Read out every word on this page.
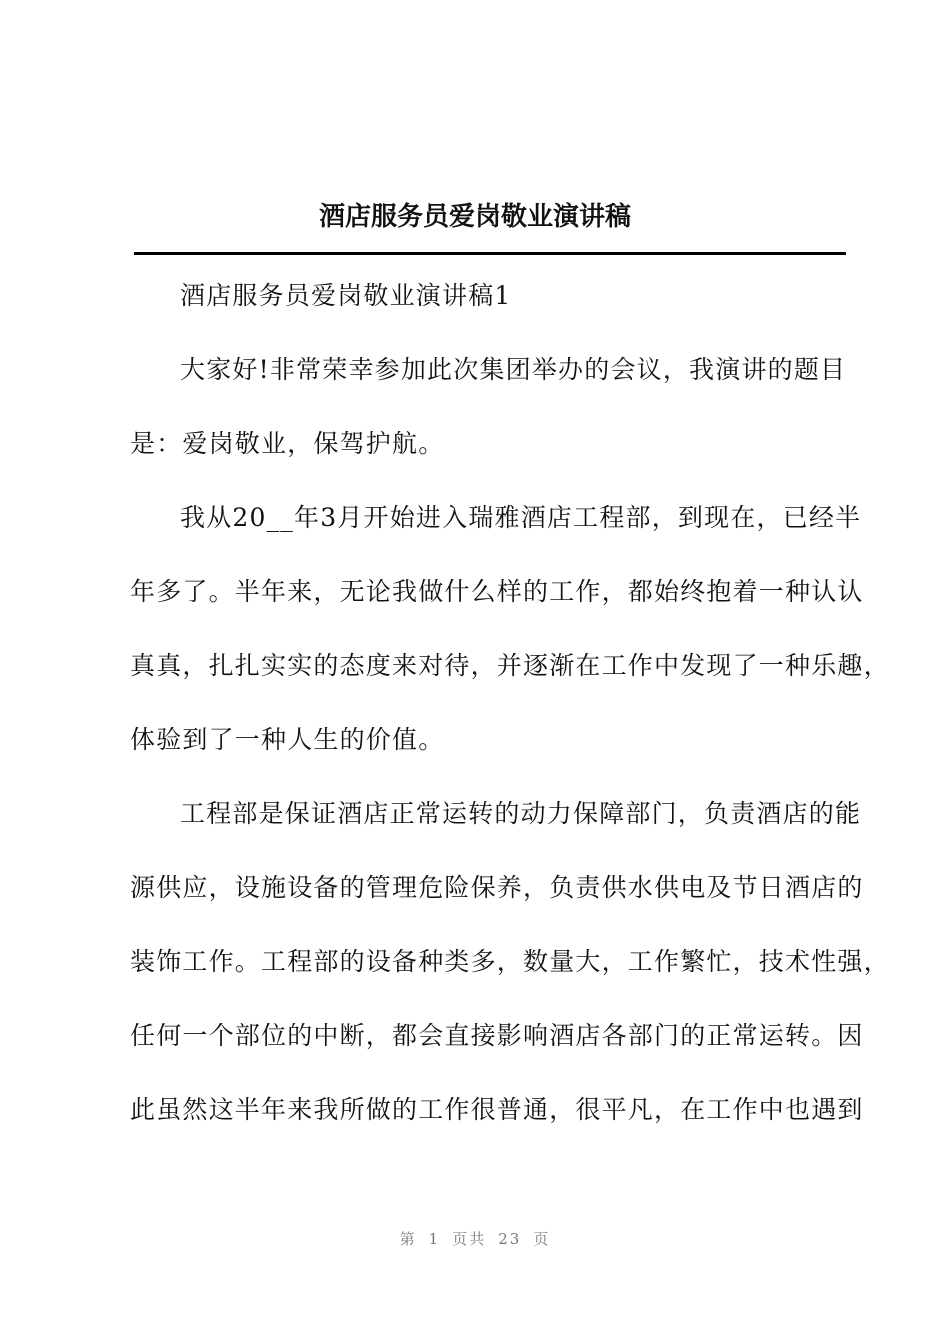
酒店服务员爱岗敬业演讲稿
酒店服务员爱岗敬业演讲稿1
大家好!非常荣幸参加此次集团举办的会议，我演讲的题目
是：爱岗敬业，保驾护航。
我从20__年3月开始进入瑞雅酒店工程部，到现在，已经半
年多了。半年来，无论我做什么样的工作，都始终抱着一种认认
真真，扎扎实实的态度来对待，并逐渐在工作中发现了一种乐趣，
体验到了一种人生的价值。
工程部是保证酒店正常运转的动力保障部门，负责酒店的能
源供应，设施设备的管理危险保养，负责供水供电及节日酒店的
装饰工作。工程部的设备种类多，数量大，工作繁忙，技术性强，
任何一个部位的中断，都会直接影响酒店各部门的正常运转。因
此虽然这半年来我所做的工作很普通，很平凡，在工作中也遇到
第 1 页共 23 页
